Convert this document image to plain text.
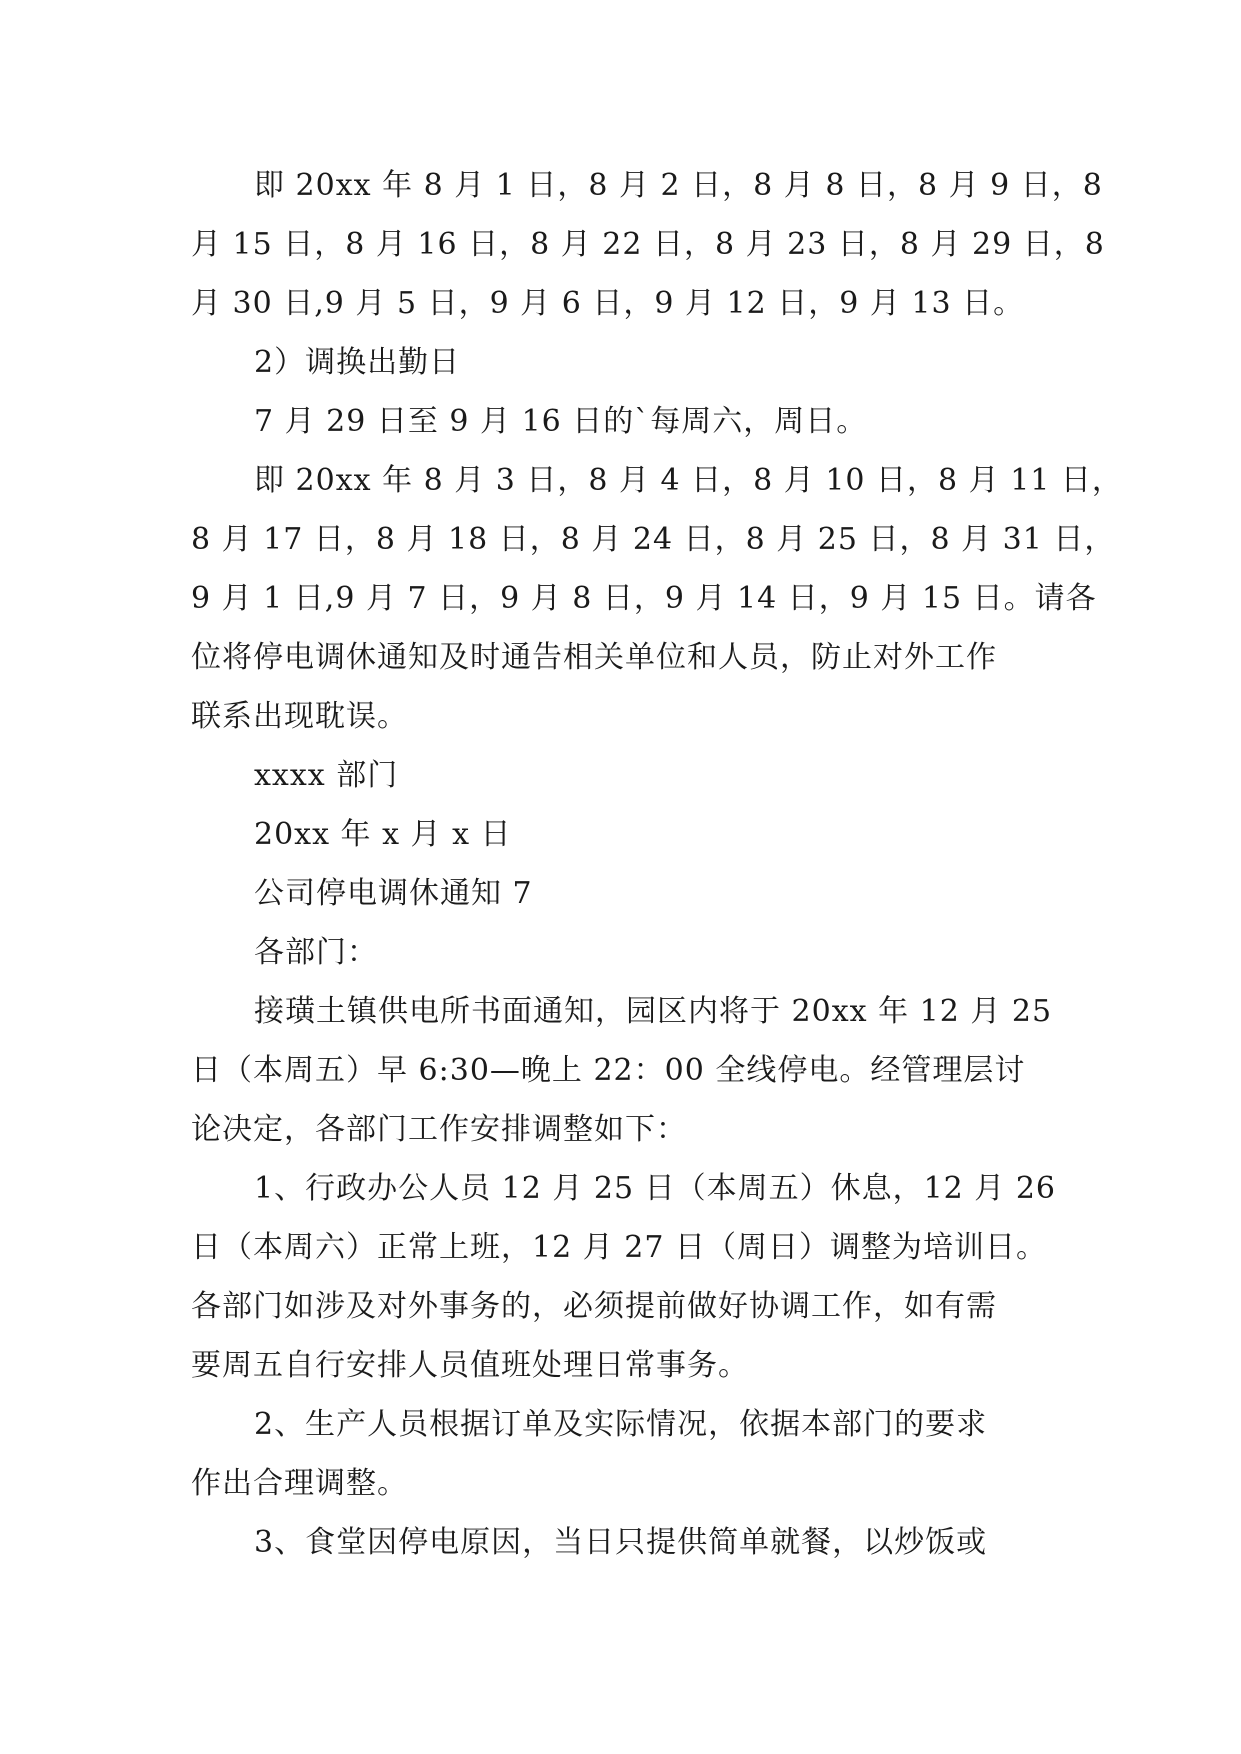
即 20xx 年 8 月 1 日，8 月 2 日，8 月 8 日，8 月 9 日，8

月 15 日，8 月 16 日，8 月 22 日，8 月 23 日，8 月 29 日，8

月 30 日,9 月 5 日，9 月 6 日，9 月 12 日，9 月 13 日。

2）调换出勤日

7 月 29 日至 9 月 16 日的`每周六，周日。

即 20xx 年 8 月 3 日，8 月 4 日，8 月 10 日，8 月 11 日，

8 月 17 日，8 月 18 日，8 月 24 日，8 月 25 日，8 月 31 日，

9 月 1 日,9 月 7 日，9 月 8 日，9 月 14 日，9 月 15 日。请各

位将停电调休通知及时通告相关单位和人员，防止对外工作

联系出现耽误。

xxxx 部门

20xx 年 x 月 x 日

公司停电调休通知 7

各部门：

接璜土镇供电所书面通知，园区内将于 20xx 年 12 月 25

日（本周五）早 6:30—晚上 22：00 全线停电。经管理层讨

论决定，各部门工作安排调整如下：

1、行政办公人员 12 月 25 日（本周五）休息，12 月 26

日（本周六）正常上班，12 月 27 日（周日）调整为培训日。

各部门如涉及对外事务的，必须提前做好协调工作，如有需

要周五自行安排人员值班处理日常事务。

2、生产人员根据订单及实际情况，依据本部门的要求

作出合理调整。

3、食堂因停电原因，当日只提供简单就餐，以炒饭或
